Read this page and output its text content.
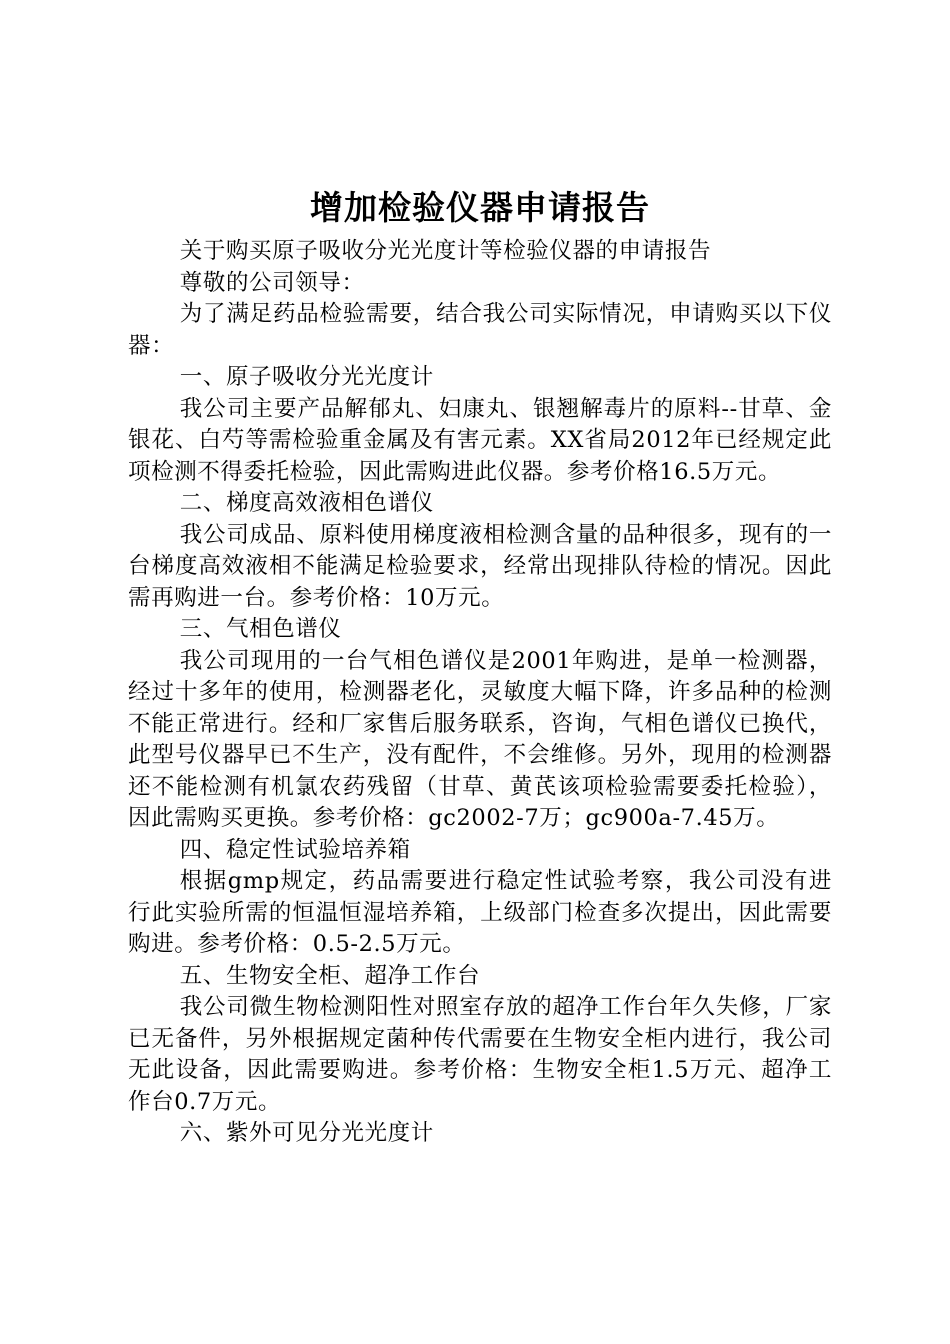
增加检验仪器申请报告

关于购买原子吸收分光光度计等检验仪器的申请报告

尊敬的公司领导：

为了满足药品检验需要，结合我公司实际情况，申请购买以下仪器：

一、原子吸收分光光度计

我公司主要产品解郁丸、妇康丸、银翘解毒片的原料--甘草、金银花、白芍等需检验重金属及有害元素。XX省局2012年已经规定此项检测不得委托检验，因此需购进此仪器。参考价格16.5万元。

二、梯度高效液相色谱仪

我公司成品、原料使用梯度液相检测含量的品种很多，现有的一台梯度高效液相不能满足检验要求，经常出现排队待检的情况。因此需再购进一台。参考价格：10万元。

三、气相色谱仪

我公司现用的一台气相色谱仪是2001年购进，是单一检测器，经过十多年的使用，检测器老化，灵敏度大幅下降，许多品种的检测不能正常进行。经和厂家售后服务联系，咨询，气相色谱仪已换代，此型号仪器早已不生产，没有配件，不会维修。另外，现用的检测器还不能检测有机氯农药残留（甘草、黄芪该项检验需要委托检验），因此需购买更换。参考价格：gc2002-7万；gc900a-7.45万。

四、稳定性试验培养箱

根据gmp规定，药品需要进行稳定性试验考察，我公司没有进行此实验所需的恒温恒湿培养箱，上级部门检查多次提出，因此需要购进。参考价格：0.5-2.5万元。

五、生物安全柜、超净工作台

我公司微生物检测阳性对照室存放的超净工作台年久失修，厂家已无备件，另外根据规定菌种传代需要在生物安全柜内进行，我公司无此设备，因此需要购进。参考价格：生物安全柜1.5万元、超净工作台0.7万元。

六、紫外可见分光光度计
